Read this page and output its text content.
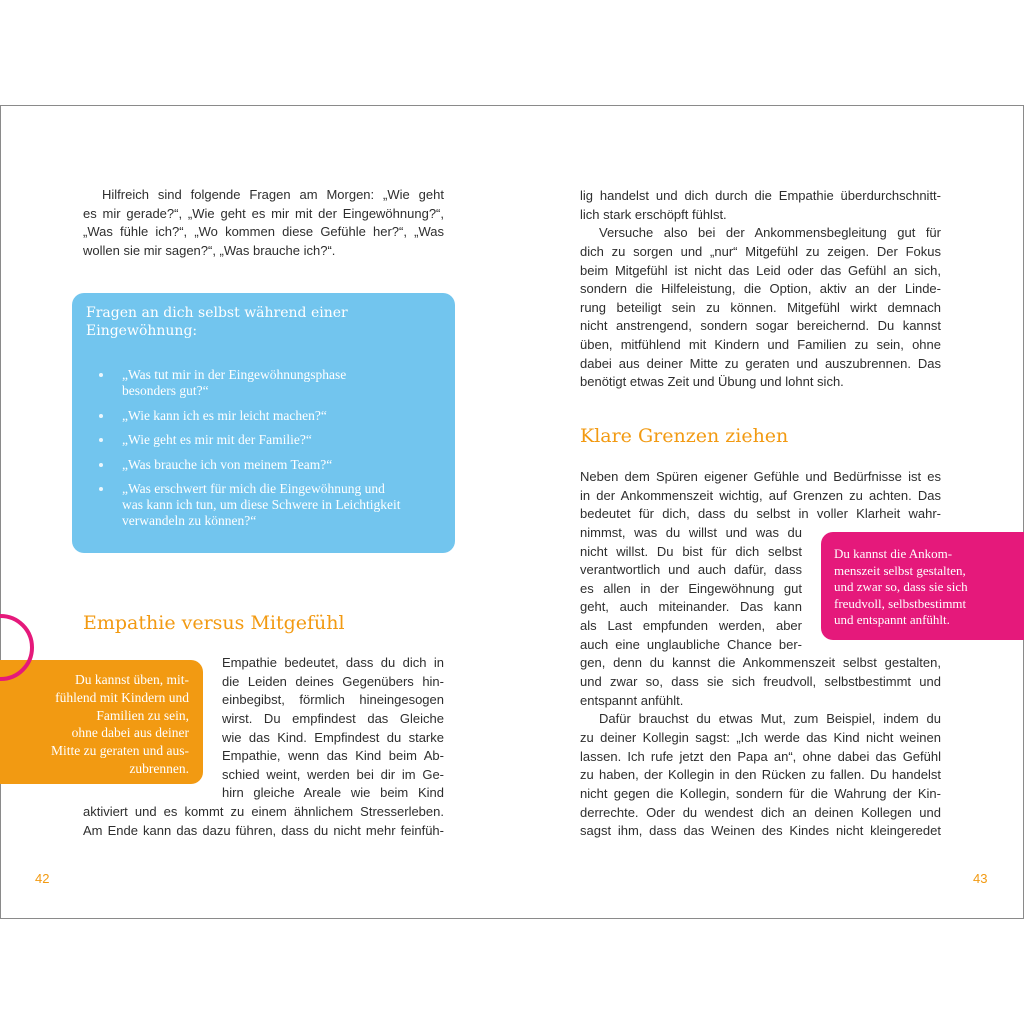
Hilfreich sind folgende Fragen am Morgen: „Wie geht
es mir gerade?“, „Wie geht es mir mit der Eingewöhnung?“,
„Was fühle ich?“, „Wo kommen diese Gefühle her?“, „Was
wollen sie mir sagen?“, „Was brauche ich?“.
Fragen an dich selbst während einer
Eingewöhnung:
„Was tut mir in der Eingewöhnungsphase
besonders gut?“
„Wie kann ich es mir leicht machen?“
„Wie geht es mir mit der Familie?“
„Was brauche ich von meinem Team?“
„Was erschwert für mich die Eingewöhnung und
was kann ich tun, um diese Schwere in Leichtigkeit
verwandeln zu können?“
Empathie versus Mitgefühl
Du kannst üben, mit-
fühlend mit Kindern und
Familien zu sein,
ohne dabei aus deiner
Mitte zu geraten und aus-
zubrennen.
Empathie bedeutet, dass du dich in
die Leiden deines Gegenübers hin-
einbegibst, förmlich hineingesogen
wirst. Du empfindest das Gleiche
wie das Kind. Empfindest du starke
Empathie, wenn das Kind beim Ab-
schied weint, werden bei dir im Ge-
hirn gleiche Areale wie beim Kind
aktiviert und es kommt zu einem ähnlichem Stresserleben.
Am Ende kann das dazu führen, dass du nicht mehr feinfüh-
42
lig handelst und dich durch die Empathie überdurchschnitt-
lich stark erschöpft fühlst.
Versuche also bei der Ankommensbegleitung gut für
dich zu sorgen und „nur“ Mitgefühl zu zeigen. Der Fokus
beim Mitgefühl ist nicht das Leid oder das Gefühl an sich,
sondern die Hilfeleistung, die Option, aktiv an der Linde-
rung beteiligt sein zu können. Mitgefühl wirkt demnach
nicht anstrengend, sondern sogar bereichernd. Du kannst
üben, mitfühlend mit Kindern und Familien zu sein, ohne
dabei aus deiner Mitte zu geraten und auszubrennen. Das
benötigt etwas Zeit und Übung und lohnt sich.
Klare Grenzen ziehen
Neben dem Spüren eigener Gefühle und Bedürfnisse ist es
in der Ankommenszeit wichtig, auf Grenzen zu achten. Das
bedeutet für dich, dass du selbst in voller Klarheit wahr-
nimmst, was du willst und was du
nicht willst. Du bist für dich selbst
verantwortlich und auch dafür, dass
es allen in der Eingewöhnung gut
geht, auch miteinander. Das kann
als Last empfunden werden, aber
auch eine unglaubliche Chance ber-
gen, denn du kannst die Ankommenszeit selbst gestalten,
und zwar so, dass sie sich freudvoll, selbstbestimmt und
entspannt anfühlt.
Dafür brauchst du etwas Mut, zum Beispiel, indem du
zu deiner Kollegin sagst: „Ich werde das Kind nicht weinen
lassen. Ich rufe jetzt den Papa an“, ohne dabei das Gefühl
zu haben, der Kollegin in den Rücken zu fallen. Du handelst
nicht gegen die Kollegin, sondern für die Wahrung der Kin-
derrechte. Oder du wendest dich an deinen Kollegen und
sagst ihm, dass das Weinen des Kindes nicht kleingeredet
Du kannst die Ankom-
menszeit selbst gestalten,
und zwar so, dass sie sich
freudvoll, selbstbestimmt
und entspannt anfühlt.
43
